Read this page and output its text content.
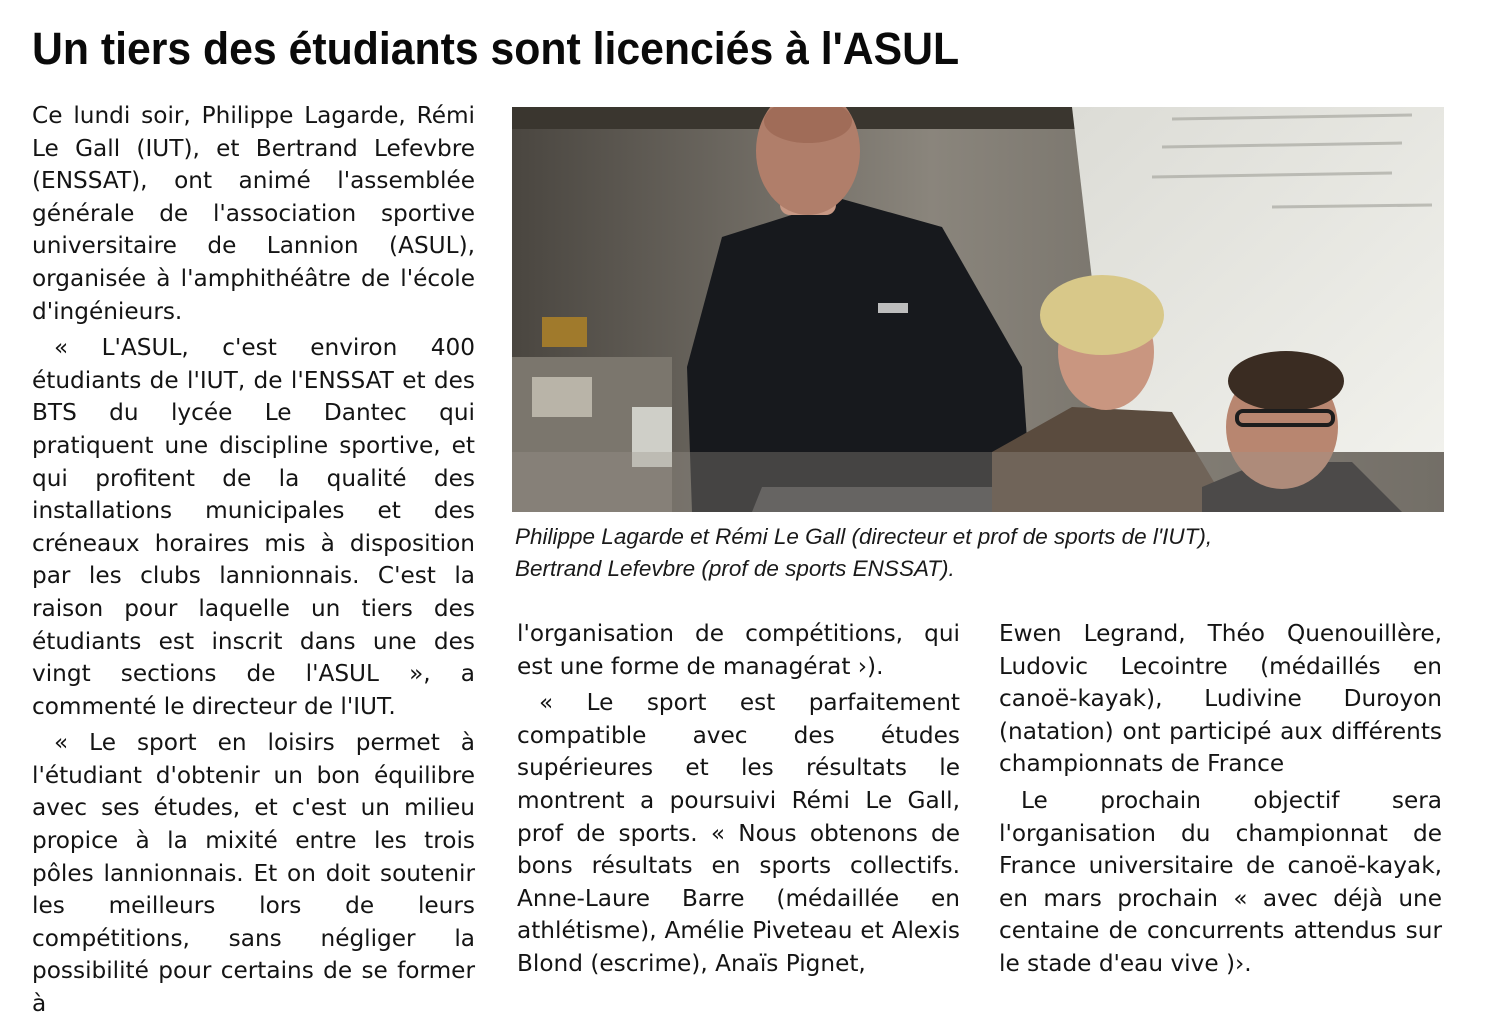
Un tiers des étudiants sont licenciés à l'ASUL

Ce lundi soir, Philippe Lagarde, Rémi Le Gall (IUT), et Bertrand Lefevbre (ENSSAT), ont animé l'assemblée générale de l'association sportive universitaire de Lannion (ASUL), organisée à l'amphithéâtre de l'école d'ingénieurs.

« L'ASUL, c'est environ 400 étudiants de l'IUT, de l'ENSSAT et des BTS du lycée Le Dantec qui pratiquent une discipline sportive, et qui profitent de la qualité des installations municipales et des créneaux horaires mis à disposition par les clubs lannionnais. C'est la raison pour laquelle un tiers des étudiants est inscrit dans une des vingt sections de l'ASUL », a commenté le directeur de l'IUT.

« Le sport en loisirs permet à l'étudiant d'obtenir un bon équilibre avec ses études, et c'est un milieu propice à la mixité entre les trois pôles lannionnais. Et on doit soutenir les meilleurs lors de leurs compétitions, sans négliger la possibilité pour certains de se former à

Philippe Lagarde et Rémi Le Gall (directeur et prof de sports de l'IUT),
Bertrand Lefevbre (prof de sports ENSSAT).

l'organisation de compétitions, qui est une forme de managérat ›).

« Le sport est parfaitement compatible avec des études supérieures et les résultats le montrent a poursuivi Rémi Le Gall, prof de sports. « Nous obtenons de bons résultats en sports collectifs. Anne-Laure Barre (médaillée en athlétisme), Amélie Piveteau et Alexis Blond (escrime), Anaïs Pignet,

Ewen Legrand, Théo Quenouillère, Ludovic Lecointre (médaillés en canoë-kayak), Ludivine Duroyon (natation) ont participé aux différents championnats de France

Le prochain objectif sera l'organisation du championnat de France universitaire de canoë-kayak, en mars prochain « avec déjà une centaine de concurrents attendus sur le stade d'eau vive )›.
